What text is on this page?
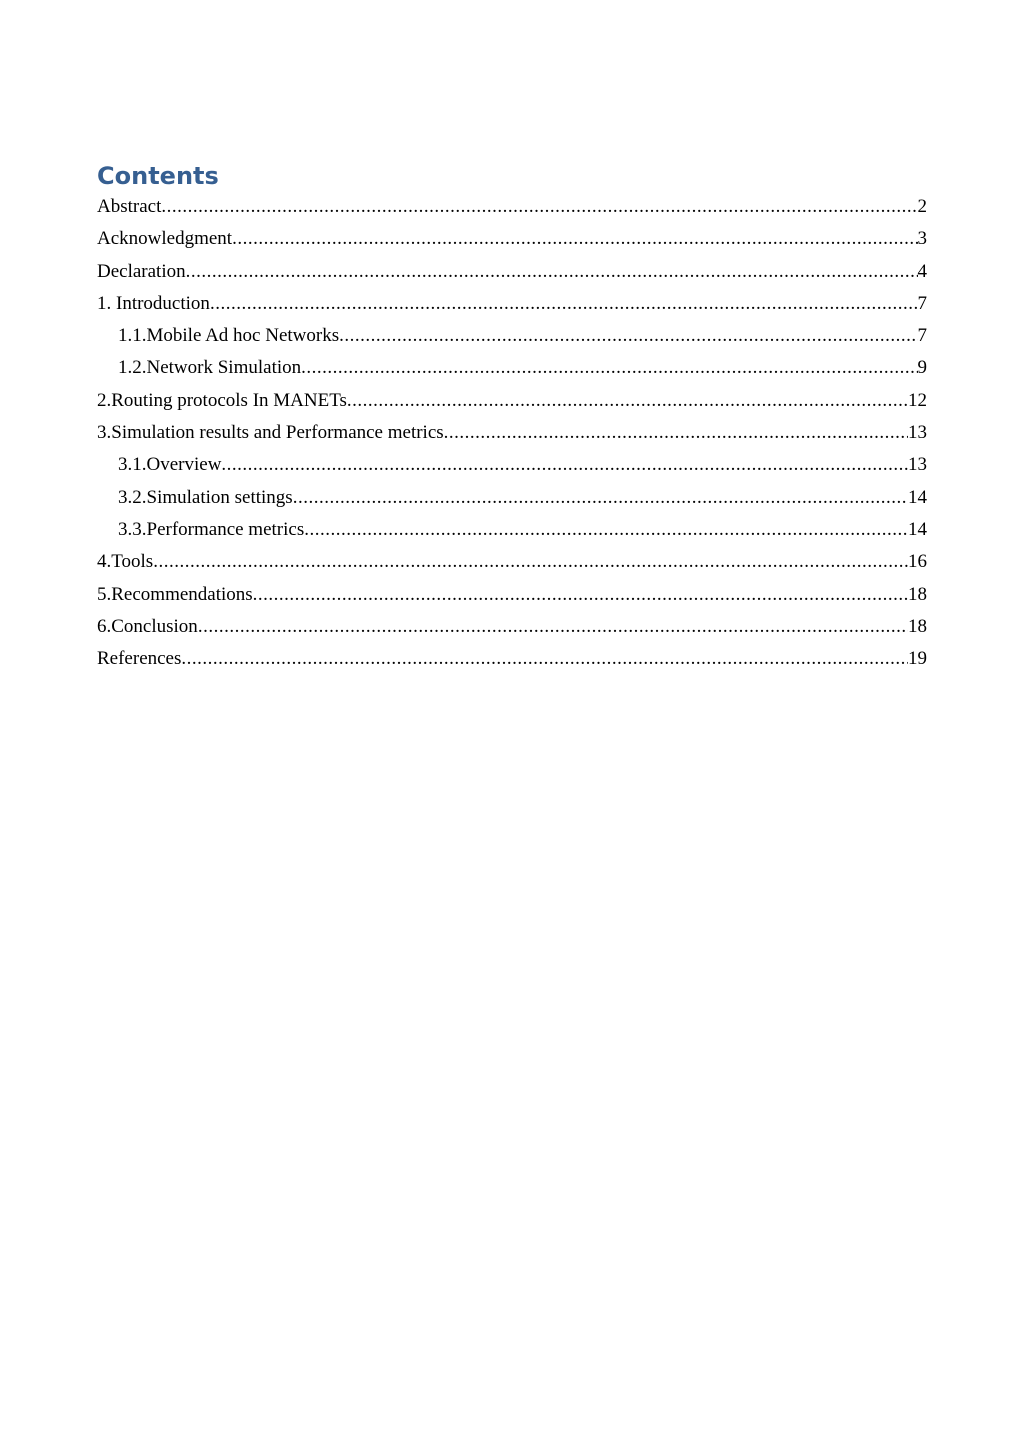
Contents
Abstract .....	2
Acknowledgment .....	3
Declaration .....	4
1. Introduction .....	7
1.1.Mobile Ad hoc Networks .....	7
1.2.Network Simulation .....	9
2.Routing protocols In MANETs .....	12
3.Simulation results and Performance metrics .....	13
3.1.Overview .....	13
3.2.Simulation settings .....	14
3.3.Performance metrics .....	14
4.Tools .....	16
5.Recommendations .....	18
6.Conclusion .....	18
References .....	19
